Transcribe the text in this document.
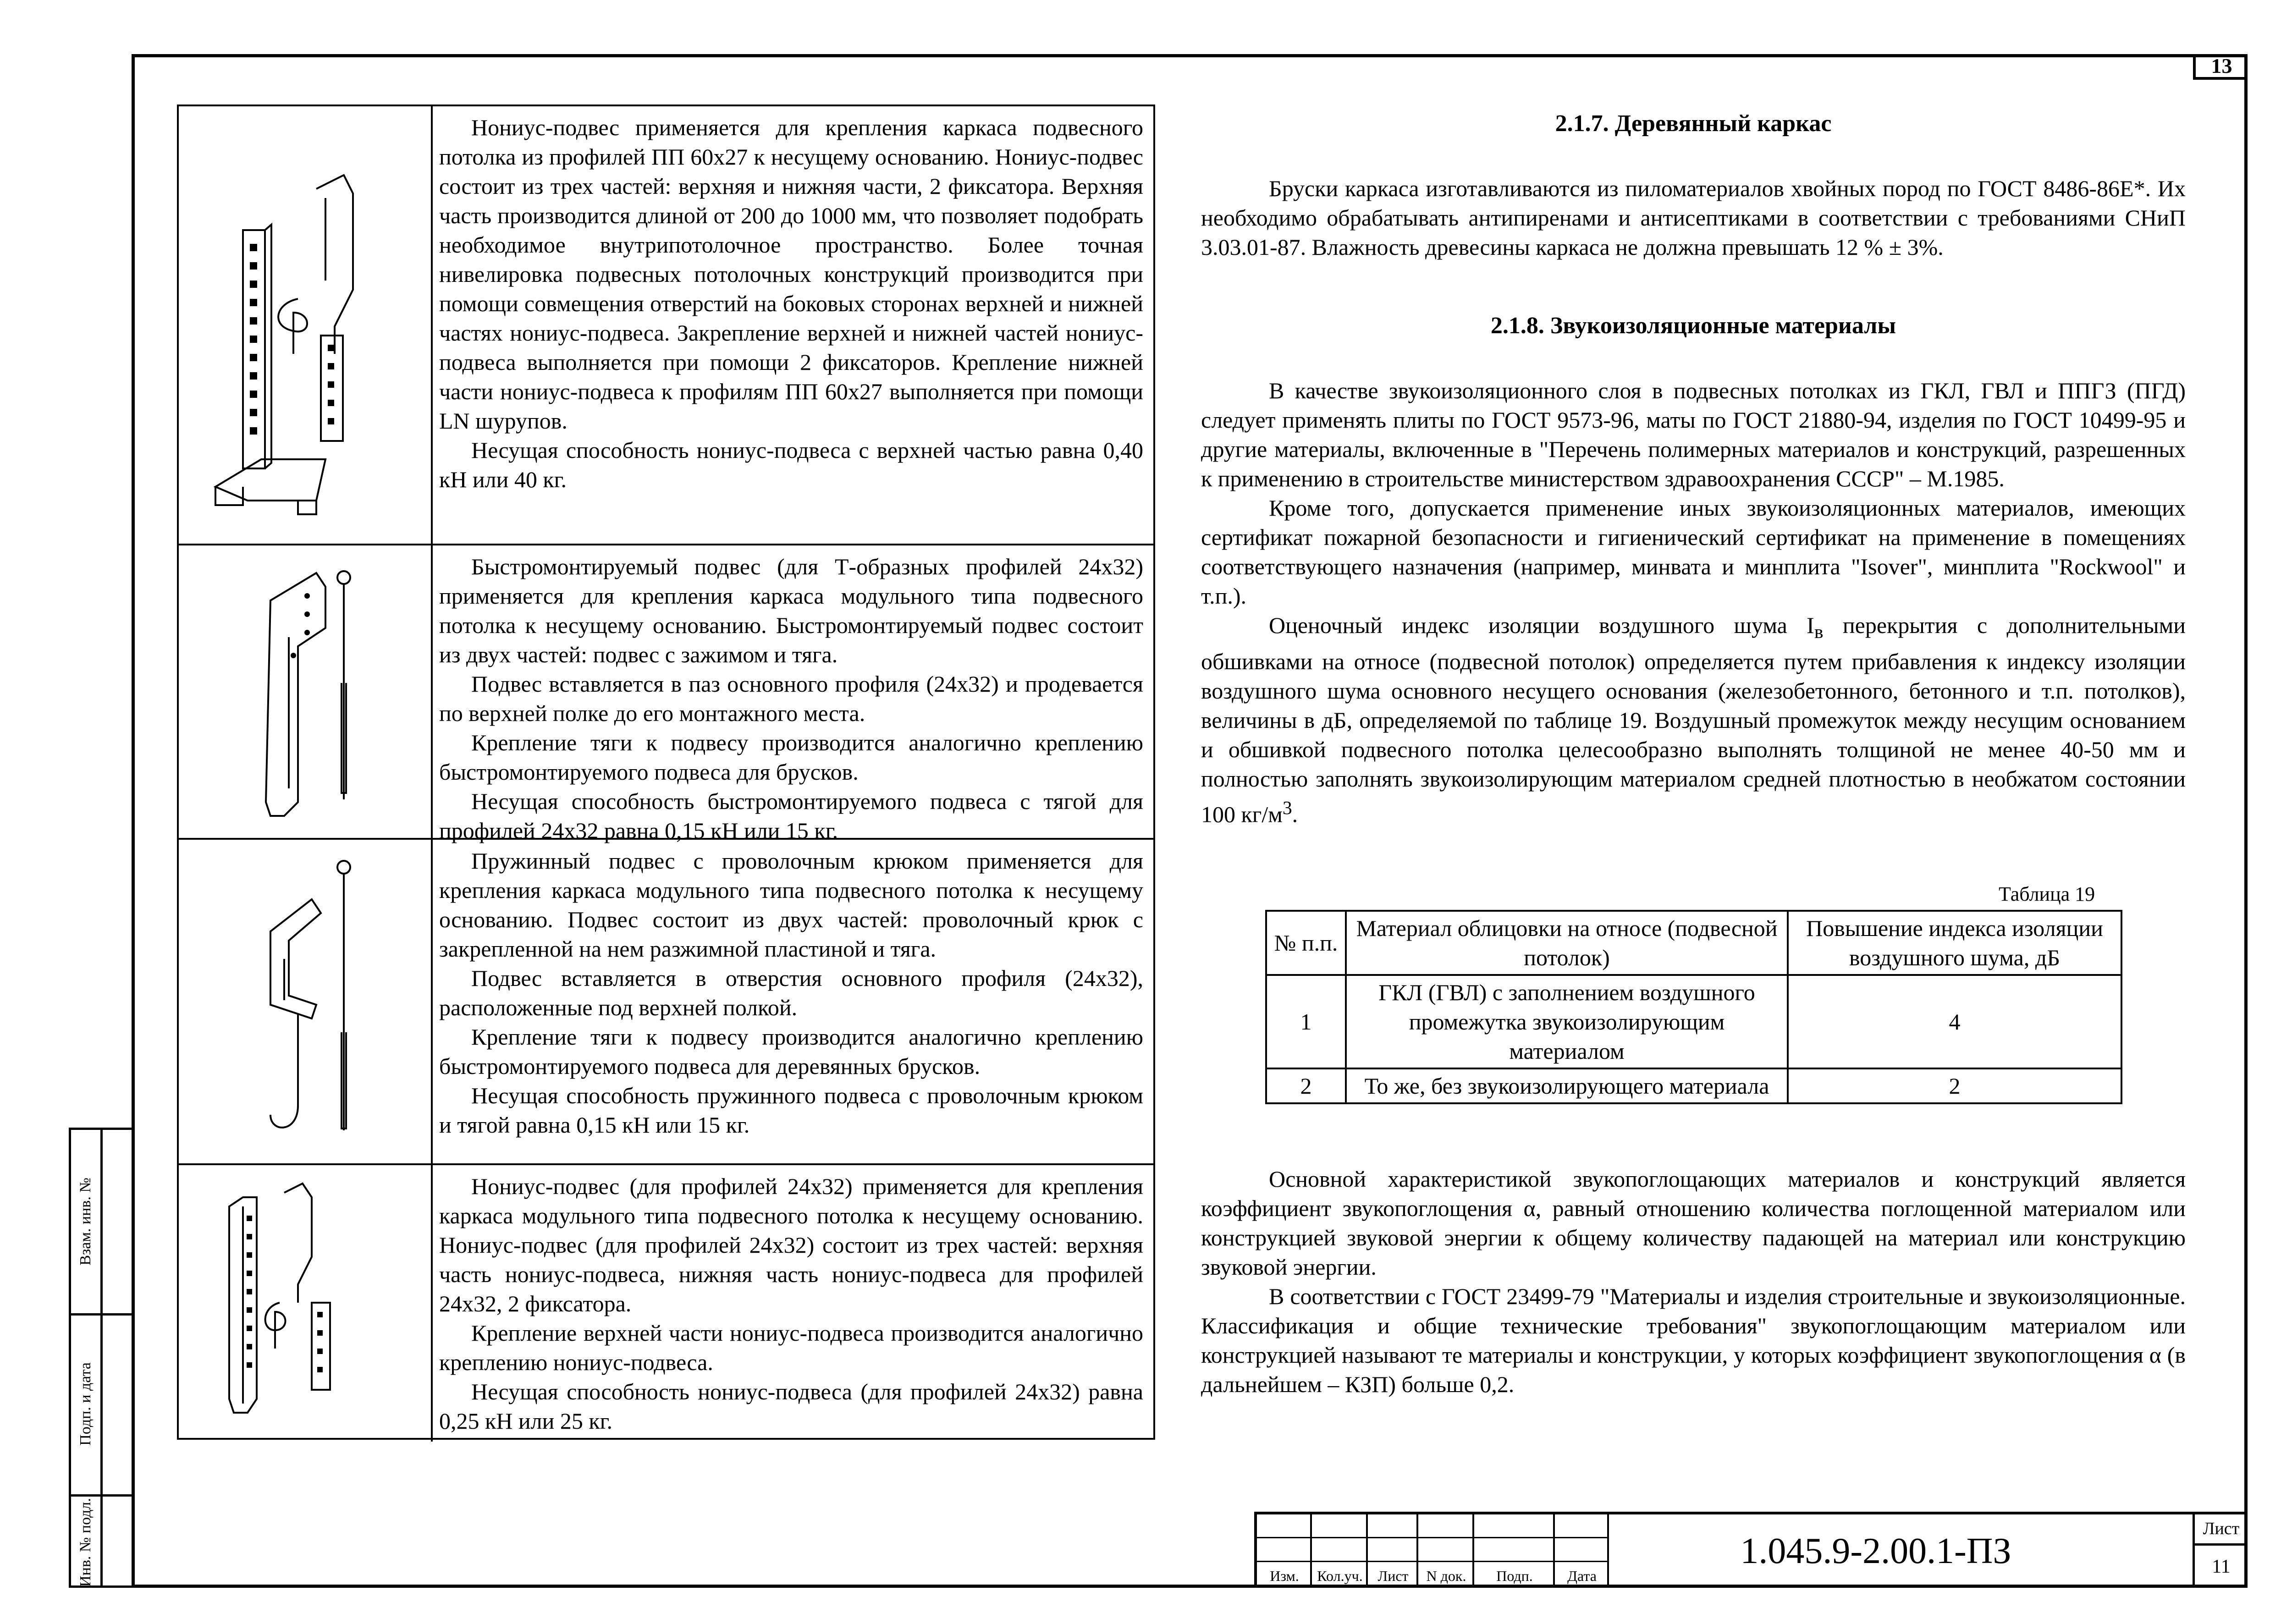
13
Взам. инв. №
Подп. и дата
Инв. № подл.

Нониус-подвес применяется для крепления каркаса подвесного потолка из профилей ПП 60х27 к несущему основанию. Нониус-подвес состоит из трех частей: верхняя и нижняя части, 2 фиксатора. Верхняя часть производится длиной от 200 до 1000 мм, что позволяет подобрать необходимое внутрипотолочное пространство. Более точная нивелировка подвесных потолочных конструкций производится при помощи совмещения отверстий на боковых сторонах верхней и нижней частях нониус-подвеса. Закрепление верхней и нижней частей нониус-подвеса выполняется при помощи 2 фиксаторов. Крепление нижней части нониус-подвеса к профилям ПП 60х27 выполняется при помощи LN шурупов.

Несущая способность нониус-подвеса с верхней частью равна 0,40 кН или 40 кг.

Быстромонтируемый подвес (для Т-образных профилей 24х32) применяется для крепления каркаса модульного типа подвесного потолка к несущему основанию. Быстромонтируемый подвес состоит из двух частей: подвес с зажимом и тяга.

Подвес вставляется в паз основного профиля (24х32) и продевается по верхней полке до его монтажного места.

Крепление тяги к подвесу производится аналогично креплению быстромонтируемого подвеса для брусков.

Несущая способность быстромонтируемого подвеса с тягой для профилей 24х32 равна 0,15 кН или 15 кг.

Пружинный подвес с проволочным крюком применяется для крепления каркаса модульного типа подвесного потолка к несущему основанию. Подвес состоит из двух частей: проволочный крюк с закрепленной на нем разжимной пластиной и тяга.

Подвес вставляется в отверстия основного профиля (24х32), расположенные под верхней полкой.

Крепление тяги к подвесу производится аналогично креплению быстромонтируемого подвеса для деревянных брусков.

Несущая способность пружинного подвеса с проволочным крюком и тягой равна 0,15 кН или 15 кг.

Нониус-подвес (для профилей 24х32) применяется для крепления каркаса модульного типа подвесного потолка к несущему основанию. Нониус-подвес (для профилей 24х32) состоит из трех частей: верхняя часть нониус-подвеса, нижняя часть нониус-подвеса для профилей 24х32, 2 фиксатора.

Крепление верхней части нониус-подвеса производится аналогично креплению нониус-подвеса.

Несущая способность нониус-подвеса (для профилей 24х32) равна 0,25 кН или 25 кг.

2.1.7. Деревянный каркас

Бруски каркаса изготавливаются из пиломатериалов хвойных пород по ГОСТ 8486-86Е*. Их необходимо обрабатывать антипиренами и антисептиками в соответствии с требованиями СНиП 3.03.01-87. Влажность древесины каркаса не должна превышать 12 % ± 3%.

2.1.8. Звукоизоляционные материалы

В качестве звукоизоляционного слоя в подвесных потолках из ГКЛ, ГВЛ и ППГЗ (ПГД) следует применять плиты по ГОСТ 9573-96, маты по ГОСТ 21880-94, изделия по ГОСТ 10499-95 и другие материалы, включенные в "Перечень полимерных материалов и конструкций, разрешенных к применению в строительстве министерством здравоохранения СССР" – М.1985.

Кроме того, допускается применение иных звукоизоляционных материалов, имеющих сертификат пожарной безопасности и гигиенический сертификат на применение в помещениях соответствующего назначения (например, минвата и минплита "Isover", минплита "Rockwool" и т.п.).

Оценочный индекс изоляции воздушного шума $I_в$ перекрытия с дополнительными обшивками на относе (подвесной потолок) определяется путем прибавления к индексу изоляции воздушного шума основного несущего основания (железобетонного, бетонного и т.п. потолков), величины в дБ, определяемой по таблице 19. Воздушный промежуток между несущим основанием и обшивкой подвесного потолка целесообразно выполнять толщиной не менее 40-50 мм и полностью заполнять звукоизолирующим материалом средней плотностью в необжатом состоянии 100 $кг/м^3$.

Таблица 19
№ п.п.	Материал облицовки на относе (подвесной потолок)	Повышение индекса изоляции воздушного шума, дБ
1	ГКЛ (ГВЛ) с заполнением воздушного промежутка звукоизолирующим материалом	4
2	То же, без звукоизолирующего материала	2

Основной характеристикой звукопоглощающих материалов и конструкций является коэффициент звукопоглощения α, равный отношению количества поглощенной материалом или конструкцией звуковой энергии к общему количеству падающей на материал или конструкцию звуковой энергии.

В соответствии с ГОСТ 23499-79 "Материалы и изделия строительные и звукоизоляционные. Классификация и общие технические требования" звукопоглощающим материалом или конструкцией называют те материалы и конструкции, у которых коэффициент звукопоглощения α (в дальнейшем – КЗП) больше 0,2.

Изм.	Кол.уч.	Лист	N док.	Подп.	Дата
1.045.9-2.00.1-ПЗ
Лист
11
